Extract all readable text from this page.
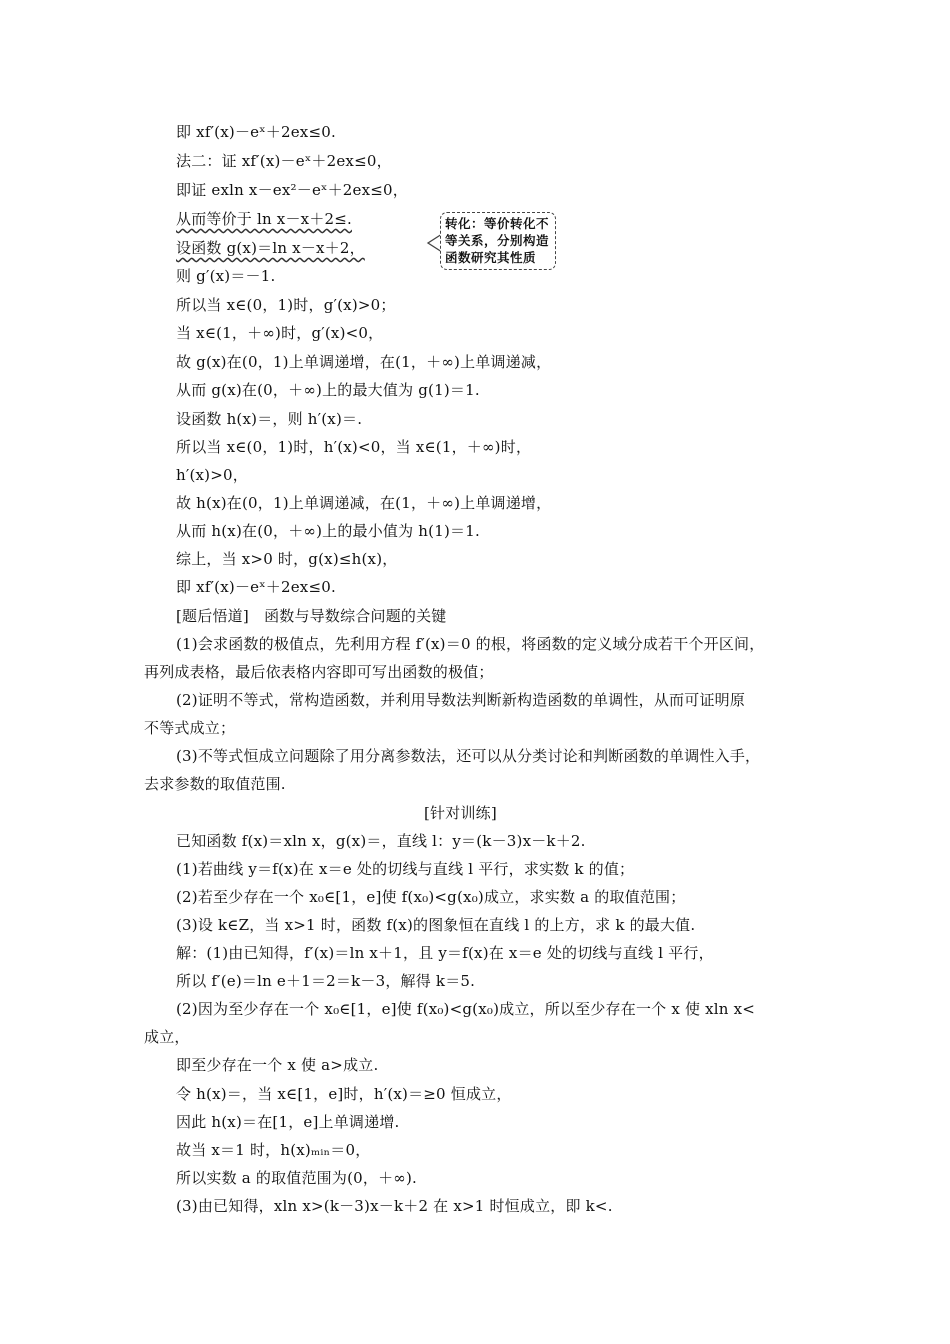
即 xf′(x)－eˣ＋2ex≤0.
法二：证 xf′(x)－eˣ＋2ex≤0，
即证 exln x－ex²－eˣ＋2ex≤0，
从而等价于 ln x－x＋2≤.
设函数 g(x)＝ln x－x＋2，
则 g′(x)＝－1.
所以当 x∈(0，1)时，g′(x)>0；
当 x∈(1，＋∞)时，g′(x)<0，
故 g(x)在(0，1)上单调递增，在(1，＋∞)上单调递减，
从而 g(x)在(0，＋∞)上的最大值为 g(1)＝1.
设函数 h(x)＝，则 h′(x)＝.
所以当 x∈(0，1)时，h′(x)<0，当 x∈(1，＋∞)时，
h′(x)>0，
故 h(x)在(0，1)上单调递减，在(1，＋∞)上单调递增，
从而 h(x)在(0，＋∞)上的最小值为 h(1)＝1.
综上，当 x>0 时，g(x)≤h(x)，
即 xf′(x)－eˣ＋2ex≤0.
[题后悟道]　函数与导数综合问题的关键
(1)会求函数的极值点，先利用方程 f′(x)＝0 的根，将函数的定义域分成若干个开区间，
再列成表格，最后依表格内容即可写出函数的极值；
(2)证明不等式，常构造函数，并利用导数法判断新构造函数的单调性，从而可证明原
不等式成立；
(3)不等式恒成立问题除了用分离参数法，还可以从分类讨论和判断函数的单调性入手，
去求参数的取值范围.
[针对训练]
已知函数 f(x)＝xln x，g(x)＝，直线 l：y＝(k－3)x－k＋2.
(1)若曲线 y＝f(x)在 x＝e 处的切线与直线 l 平行，求实数 k 的值；
(2)若至少存在一个 x₀∈[1，e]使 f(x₀)<g(x₀)成立，求实数 a 的取值范围；
(3)设 k∈Z，当 x>1 时，函数 f(x)的图象恒在直线 l 的上方，求 k 的最大值.
解：(1)由已知得，f′(x)＝ln x＋1，且 y＝f(x)在 x＝e 处的切线与直线 l 平行，
所以 f′(e)＝ln e＋1＝2＝k－3，解得 k＝5.
(2)因为至少存在一个 x₀∈[1，e]使 f(x₀)<g(x₀)成立，所以至少存在一个 x 使 xln x<
成立，
即至少存在一个 x 使 a>成立.
令 h(x)＝，当 x∈[1，e]时，h′(x)＝≥0 恒成立，
因此 h(x)＝在[1，e]上单调递增.
故当 x＝1 时，h(x)ₘᵢₙ＝0，
所以实数 a 的取值范围为(0，＋∞).
(3)由已知得，xln x>(k－3)x－k＋2 在 x>1 时恒成立，即 k<.
转化：等价转化不等关系，分别构造函数研究其性质
